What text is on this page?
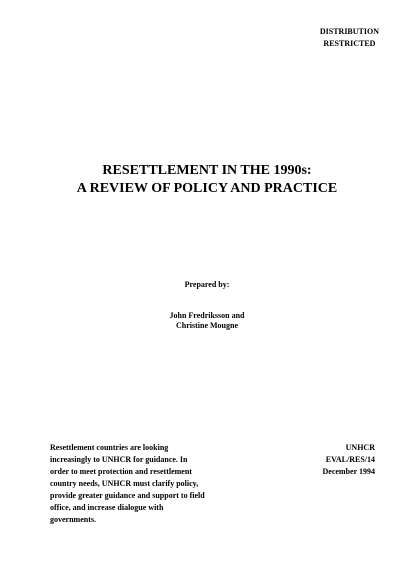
DISTRIBUTION
RESTRICTED
RESETTLEMENT IN THE 1990s:
A REVIEW OF POLICY AND PRACTICE
Prepared by:
John Fredriksson and
Christine Mougne
Resettlement countries are looking
increasingly to UNHCR for guidance. In
order to meet protection and resettlement
country needs, UNHCR must clarify policy,
provide greater guidance and support to field
office, and increase dialogue with
governments.
UNHCR
EVAL/RES/14
December 1994
